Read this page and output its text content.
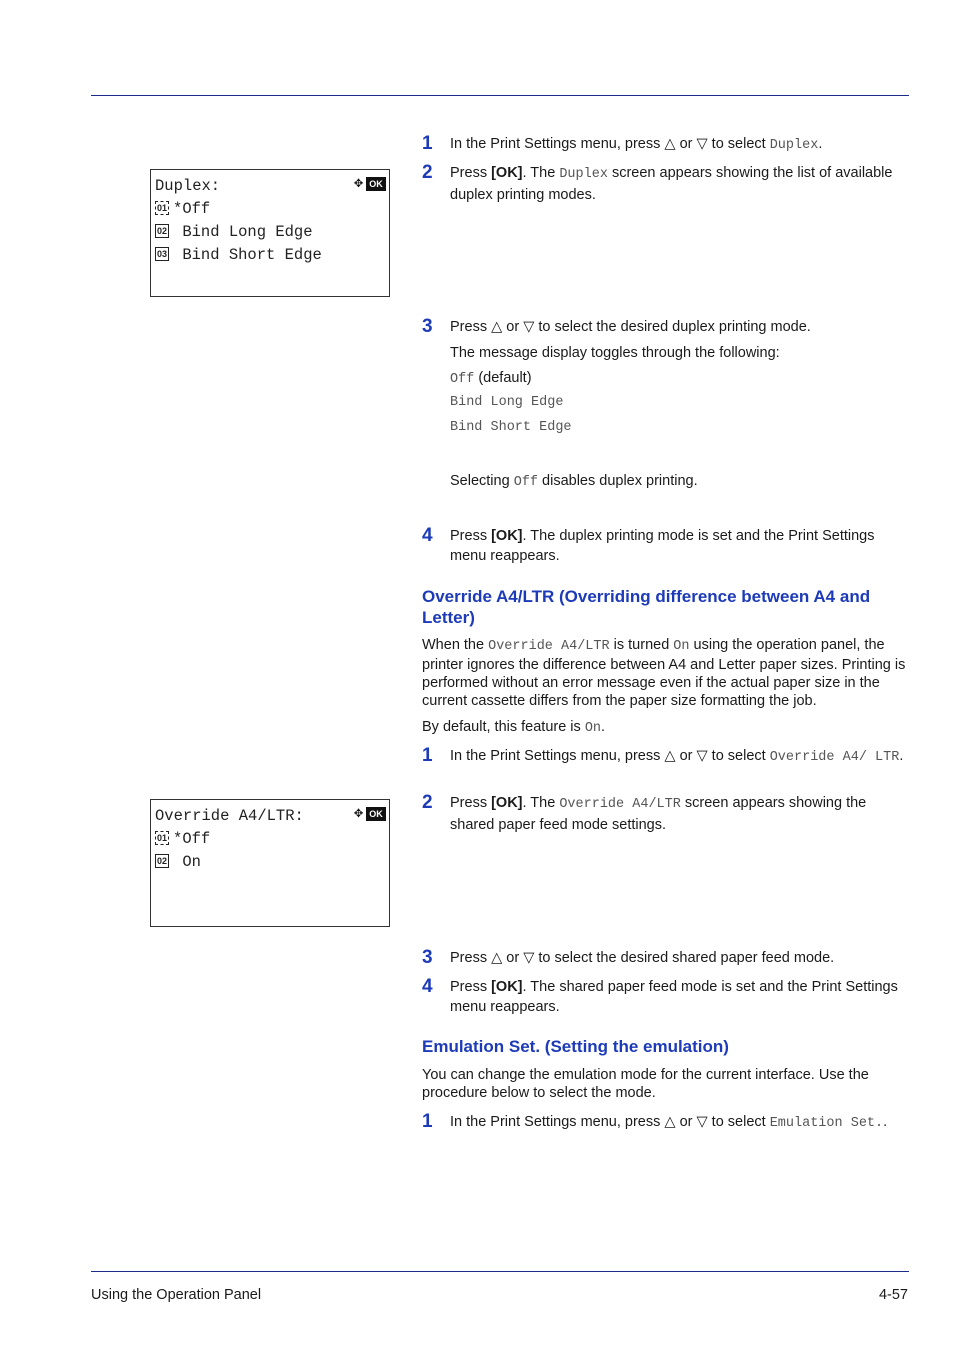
Duplex:	✥ OK
01 *Off
02 Bind Long Edge
03 Bind Short Edge
1 In the Print Settings menu, press △ or ▽ to select Duplex.
2 Press [OK]. The Duplex screen appears showing the list of available duplex printing modes.
3 Press △ or ▽ to select the desired duplex printing mode.
The message display toggles through the following:
Off (default)
Bind Long Edge
Bind Short Edge
Selecting Off disables duplex printing.
4 Press [OK]. The duplex printing mode is set and the Print Settings menu reappears.
Override A4/LTR (Overriding difference between A4 and Letter)
When the Override A4/LTR is turned On using the operation panel, the printer ignores the difference between A4 and Letter paper sizes. Printing is performed without an error message even if the actual paper size in the current cassette differs from the paper size formatting the job.
By default, this feature is On.
1 In the Print Settings menu, press △ or ▽ to select Override A4/ LTR.
2 Press [OK]. The Override A4/LTR screen appears showing the shared paper feed mode settings.
Override A4/LTR:	✥ OK
01 *Off
02 On
3 Press △ or ▽ to select the desired shared paper feed mode.
4 Press [OK]. The shared paper feed mode is set and the Print Settings menu reappears.
Emulation Set. (Setting the emulation)
You can change the emulation mode for the current interface. Use the procedure below to select the mode.
1 In the Print Settings menu, press △ or ▽ to select Emulation Set..
Using the Operation Panel	4-57
